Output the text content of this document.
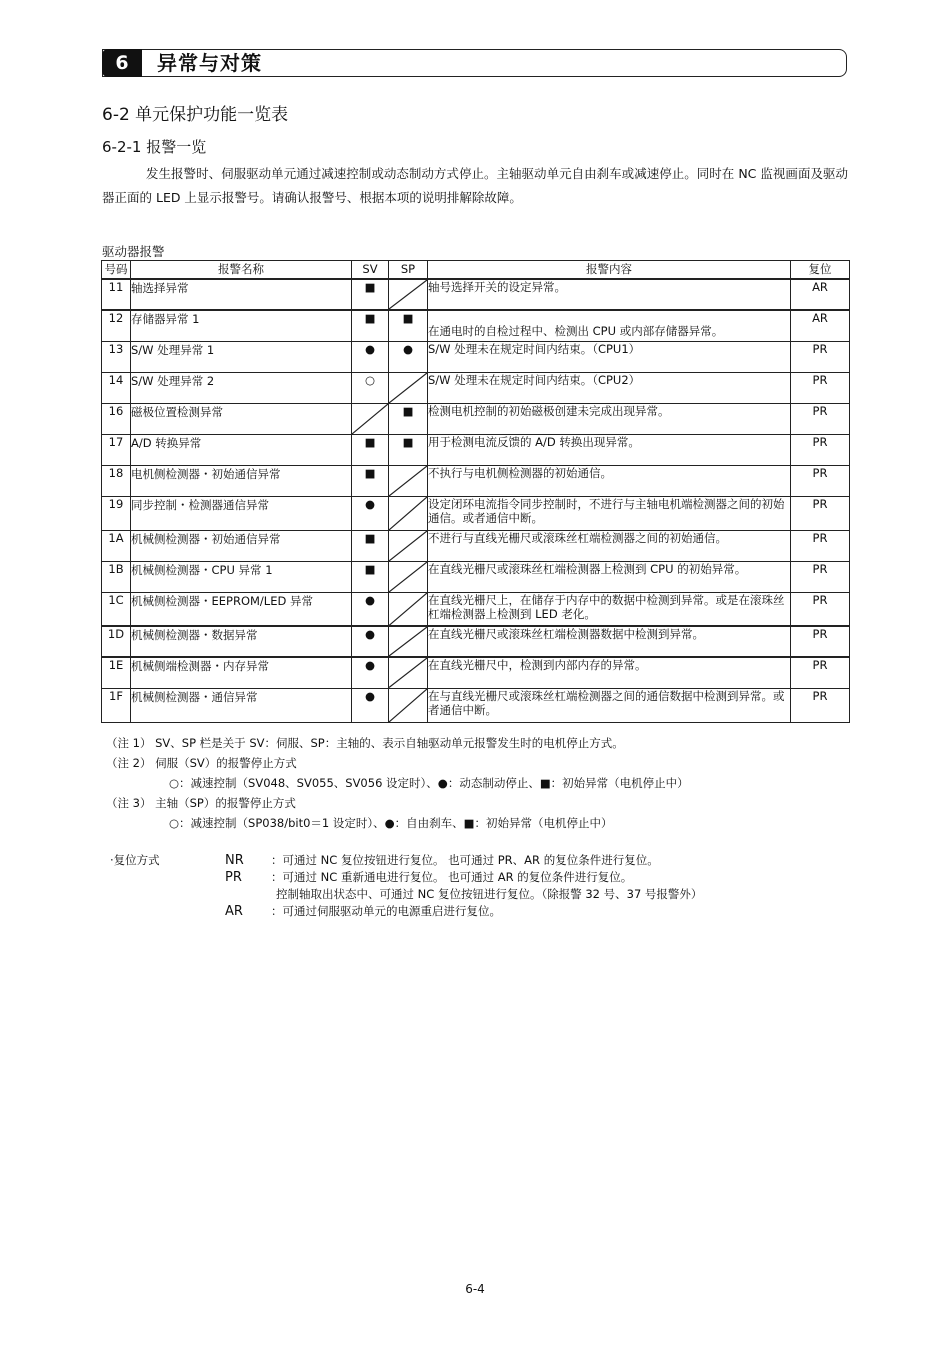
6	异常与对策
6-2 单元保护功能一览表
6-2-1 报警一览
发生报警时、伺服驱动单元通过减速控制或动态制动方式停止。主轴驱动单元自由刹车或减速停止。同时在 NC 监视画面及驱动器正面的 LED 上显示报警号。请确认报警号、根据本项的说明排解除故障。
驱动器报警
号码	报警名称	SV	SP	报警内容	复位
11	轴选择异常	■		轴号选择开关的设定异常。	AR
12	存储器异常 1	■	■	在通电时的自检过程中、检测出 CPU 或内部存储器异常。	AR
13	S/W 处理异常 1	●	●	S/W 处理未在规定时间内结束。（CPU1）	PR
14	S/W 处理异常 2	○		S/W 处理未在规定时间内结束。（CPU2）	PR
16	磁极位置检测异常		■	检测电机控制的初始磁极创建未完成出现异常。	PR
17	A/D 转换异常	■	■	用于检测电流反馈的 A/D 转换出现异常。	PR
18	电机侧检测器・初始通信异常	■		不执行与电机侧检测器的初始通信。	PR
19	同步控制・检测器通信异常	●		设定闭环电流指令同步控制时，不进行与主轴电机端检测器之间的初始通信。或者通信中断。	PR
1A	机械侧检测器・初始通信异常	■		不进行与直线光栅尺或滚珠丝杠端检测器之间的初始通信。	PR
1B	机械侧检测器・CPU 异常 1	■		在直线光栅尺或滚珠丝杠端检测器上检测到 CPU 的初始异常。	PR
1C	机械侧检测器・EEPROM/LED 异常	●		在直线光栅尺上，在储存于内存中的数据中检测到异常。或是在滚珠丝杠端检测器上检测到 LED 老化。	PR
1D	机械侧检测器・数据异常	●		在直线光栅尺或滚珠丝杠端检测器数据中检测到异常。	PR
1E	机械侧端检测器・内存异常	●		在直线光栅尺中，检测到内部内存的异常。	PR
1F	机械侧检测器・通信异常	●		在与直线光栅尺或滚珠丝杠端检测器之间的通信数据中检测到异常。或者通信中断。	PR
（注 1） SV、SP 栏是关于 SV：伺服、SP：主轴的、表示自轴驱动单元报警发生时的电机停止方式。
（注 2） 伺服（SV）的报警停止方式
○：减速控制（SV048、SV055、SV056 设定时）、●：动态制动停止、■：初始异常（电机停止中）
（注 3） 主轴（SP）的报警停止方式
○：减速控制（SP038/bit0＝1 设定时）、●：自由刹车、■：初始异常（电机停止中）
·复位方式	NR ：可通过 NC 复位按钮进行复位。 也可通过 PR、AR 的复位条件进行复位。
PR	：可通过 NC 重新通电进行复位。 也可通过 AR 的复位条件进行复位。
控制轴取出状态中、可通过 NC 复位按钮进行复位。（除报警 32 号、37 号报警外）
AR ：可通过伺服驱动单元的电源重启进行复位。
6-4
